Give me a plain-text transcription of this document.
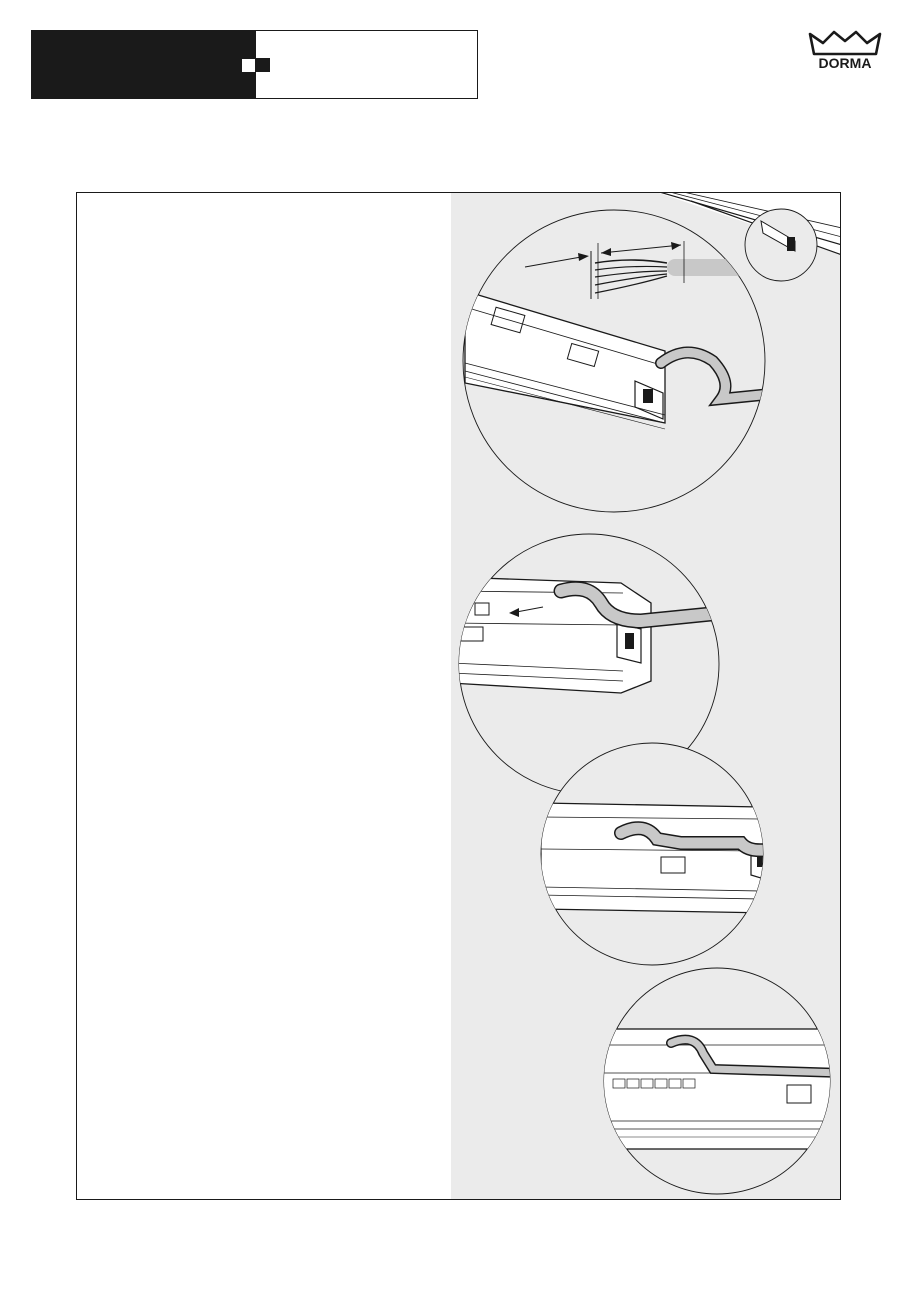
DORMA
